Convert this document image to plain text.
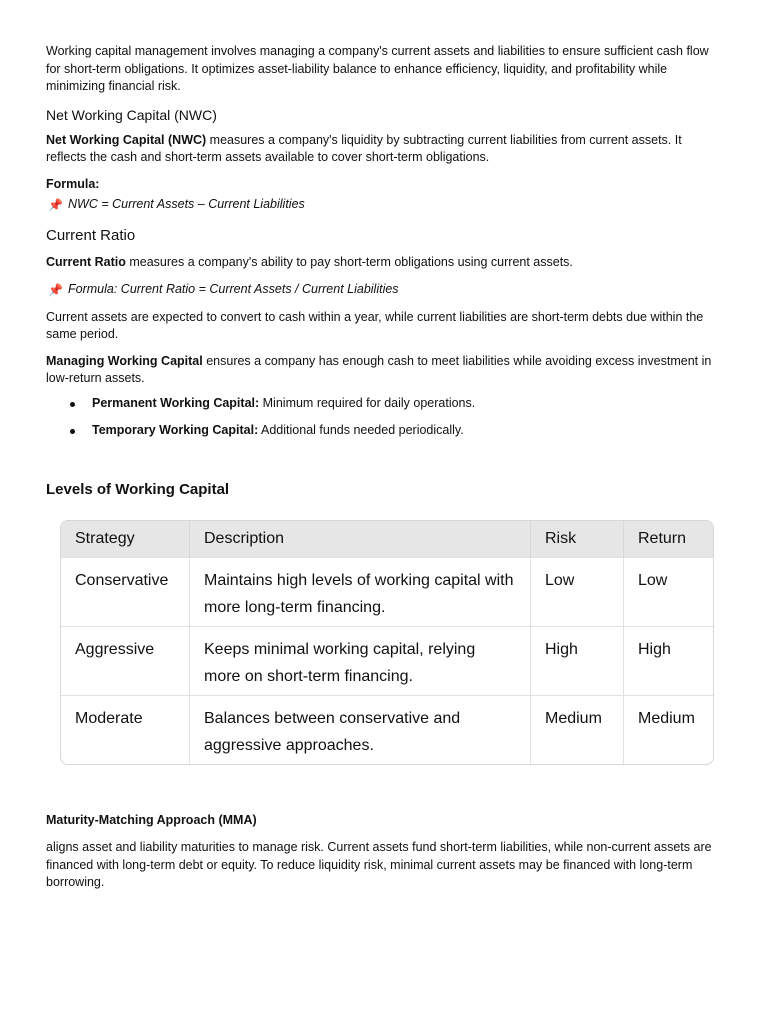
Working capital management involves managing a company's current assets and liabilities to ensure sufficient cash flow for short-term obligations. It optimizes asset-liability balance to enhance efficiency, liquidity, and profitability while minimizing financial risk.

Net Working Capital (NWC)

Net Working Capital (NWC) measures a company's liquidity by subtracting current liabilities from current assets. It reflects the cash and short-term assets available to cover short-term obligations.

Formula:

📌 NWC = Current Assets – Current Liabilities

Current Ratio

Current Ratio measures a company's ability to pay short-term obligations using current assets.

📌 Formula: Current Ratio = Current Assets / Current Liabilities

Current assets are expected to convert to cash within a year, while current liabilities are short-term debts due within the same period.

Managing Working Capital ensures a company has enough cash to meet liabilities while avoiding excess investment in low-return assets.

Permanent Working Capital: Minimum required for daily operations.
Temporary Working Capital: Additional funds needed periodically.
Levels of Working Capital
Strategy	Description	Risk	Return
Conservative	Maintains high levels of working capital with more long-term financing.	Low	Low
Aggressive	Keeps minimal working capital, relying more on short-term financing.	High	High
Moderate	Balances between conservative and aggressive approaches.	Medium	Medium

Maturity-Matching Approach (MMA)

aligns asset and liability maturities to manage risk. Current assets fund short-term liabilities, while non-current assets are financed with long-term debt or equity. To reduce liquidity risk, minimal current assets may be financed with long-term borrowing.
